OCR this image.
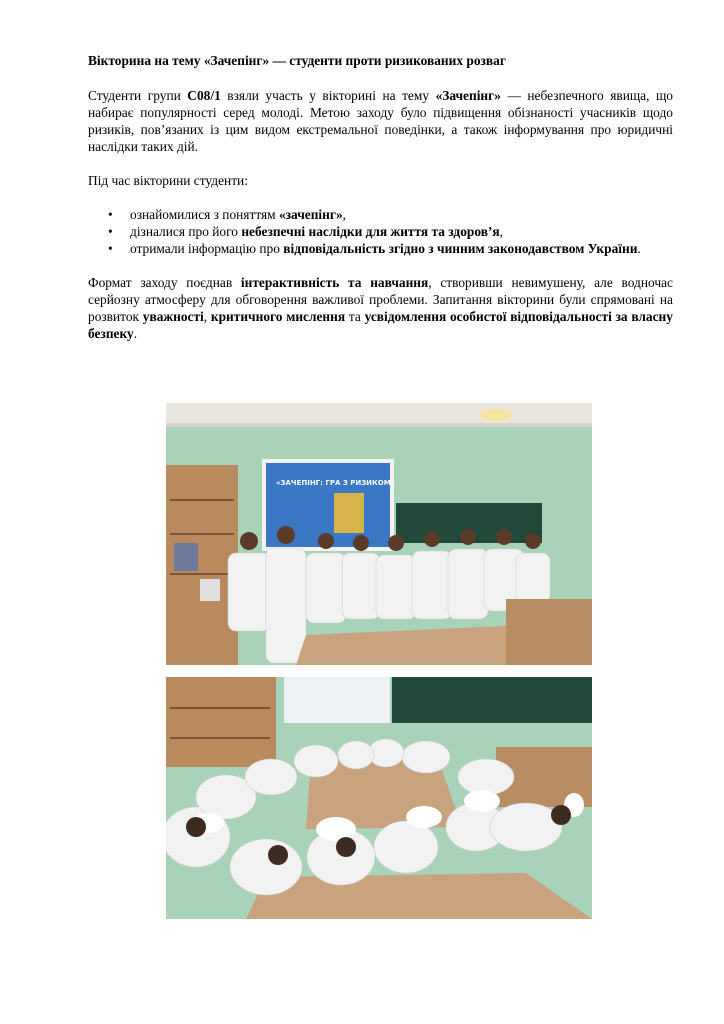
Вікторина на тему «Зачепінг» — студенти проти ризикованих розваг

Студенти групи С08/1 взяли участь у вікторині на тему «Зачепінг» — небезпечного явища, що набирає популярності серед молоді. Метою заходу було підвищення обізнаності учасників щодо ризиків, пов’язаних із цим видом екстремальної поведінки, а також інформування про юридичні наслідки таких дій.

Під час вікторини студенти:

• ознайомилися з поняттям «зачепінг»,
• дізналися про його небезпечні наслідки для життя та здоров’я,
• отримали інформацію про відповідальність згідно з чинним законодавством України.

Формат заходу поєднав інтерактивність та навчання, створивши невимушену, але водночас серйозну атмосферу для обговорення важливої проблеми. Запитання вікторини були спрямовані на розвиток уважності, критичного мислення та усвідомлення особистої відповідальності за власну безпеку.

«ЗАЧЕПІНГ: ГРА З РИЗИКОМ»
